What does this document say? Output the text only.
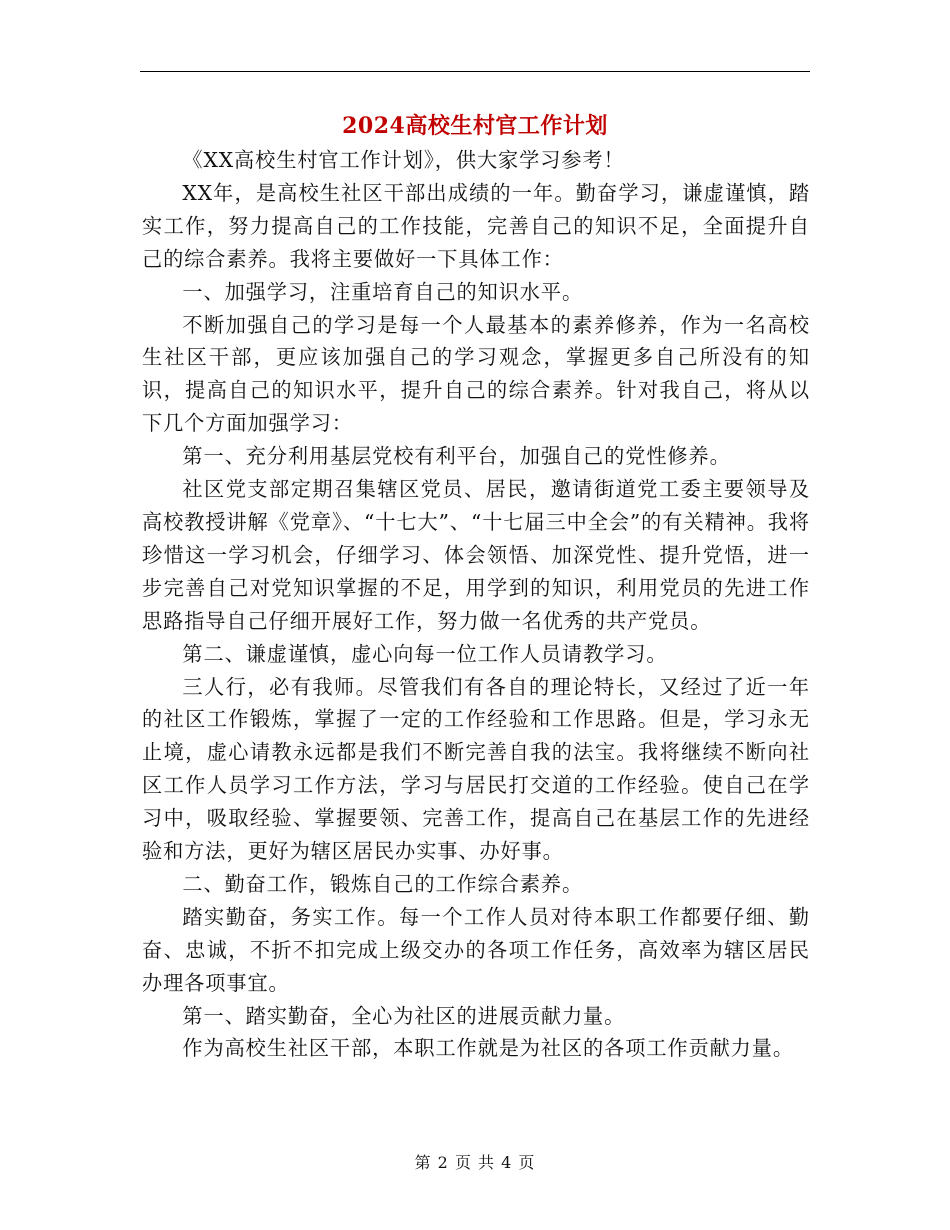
2024高校生村官工作计划

《XX高校生村官工作计划》，供大家学习参考！

XX年，是高校生社区干部出成绩的一年。勤奋学习，谦虚谨慎，踏实工作，努力提高自己的工作技能，完善自己的知识不足，全面提升自己的综合素养。我将主要做好一下具体工作：

一、加强学习，注重培育自己的知识水平。

不断加强自己的学习是每一个人最基本的素养修养，作为一名高校生社区干部，更应该加强自己的学习观念，掌握更多自己所没有的知识，提高自己的知识水平，提升自己的综合素养。针对我自己，将从以下几个方面加强学习：

第一、充分利用基层党校有利平台，加强自己的党性修养。

社区党支部定期召集辖区党员、居民，邀请街道党工委主要领导及高校教授讲解《党章》、“十七大”、“十七届三中全会”的有关精神。我将珍惜这一学习机会，仔细学习、体会领悟、加深党性、提升党悟，进一步完善自己对党知识掌握的不足，用学到的知识，利用党员的先进工作思路指导自己仔细开展好工作，努力做一名优秀的共产党员。

第二、谦虚谨慎，虚心向每一位工作人员请教学习。

三人行，必有我师。尽管我们有各自的理论特长，又经过了近一年的社区工作锻炼，掌握了一定的工作经验和工作思路。但是，学习永无止境，虚心请教永远都是我们不断完善自我的法宝。我将继续不断向社区工作人员学习工作方法，学习与居民打交道的工作经验。使自己在学习中，吸取经验、掌握要领、完善工作，提高自己在基层工作的先进经验和方法，更好为辖区居民办实事、办好事。

二、勤奋工作，锻炼自己的工作综合素养。

踏实勤奋，务实工作。每一个工作人员对待本职工作都要仔细、勤奋、忠诚，不折不扣完成上级交办的各项工作任务，高效率为辖区居民办理各项事宜。

第一、踏实勤奋，全心为社区的进展贡献力量。

作为高校生社区干部，本职工作就是为社区的各项工作贡献力量。

第 2 页 共 4 页
